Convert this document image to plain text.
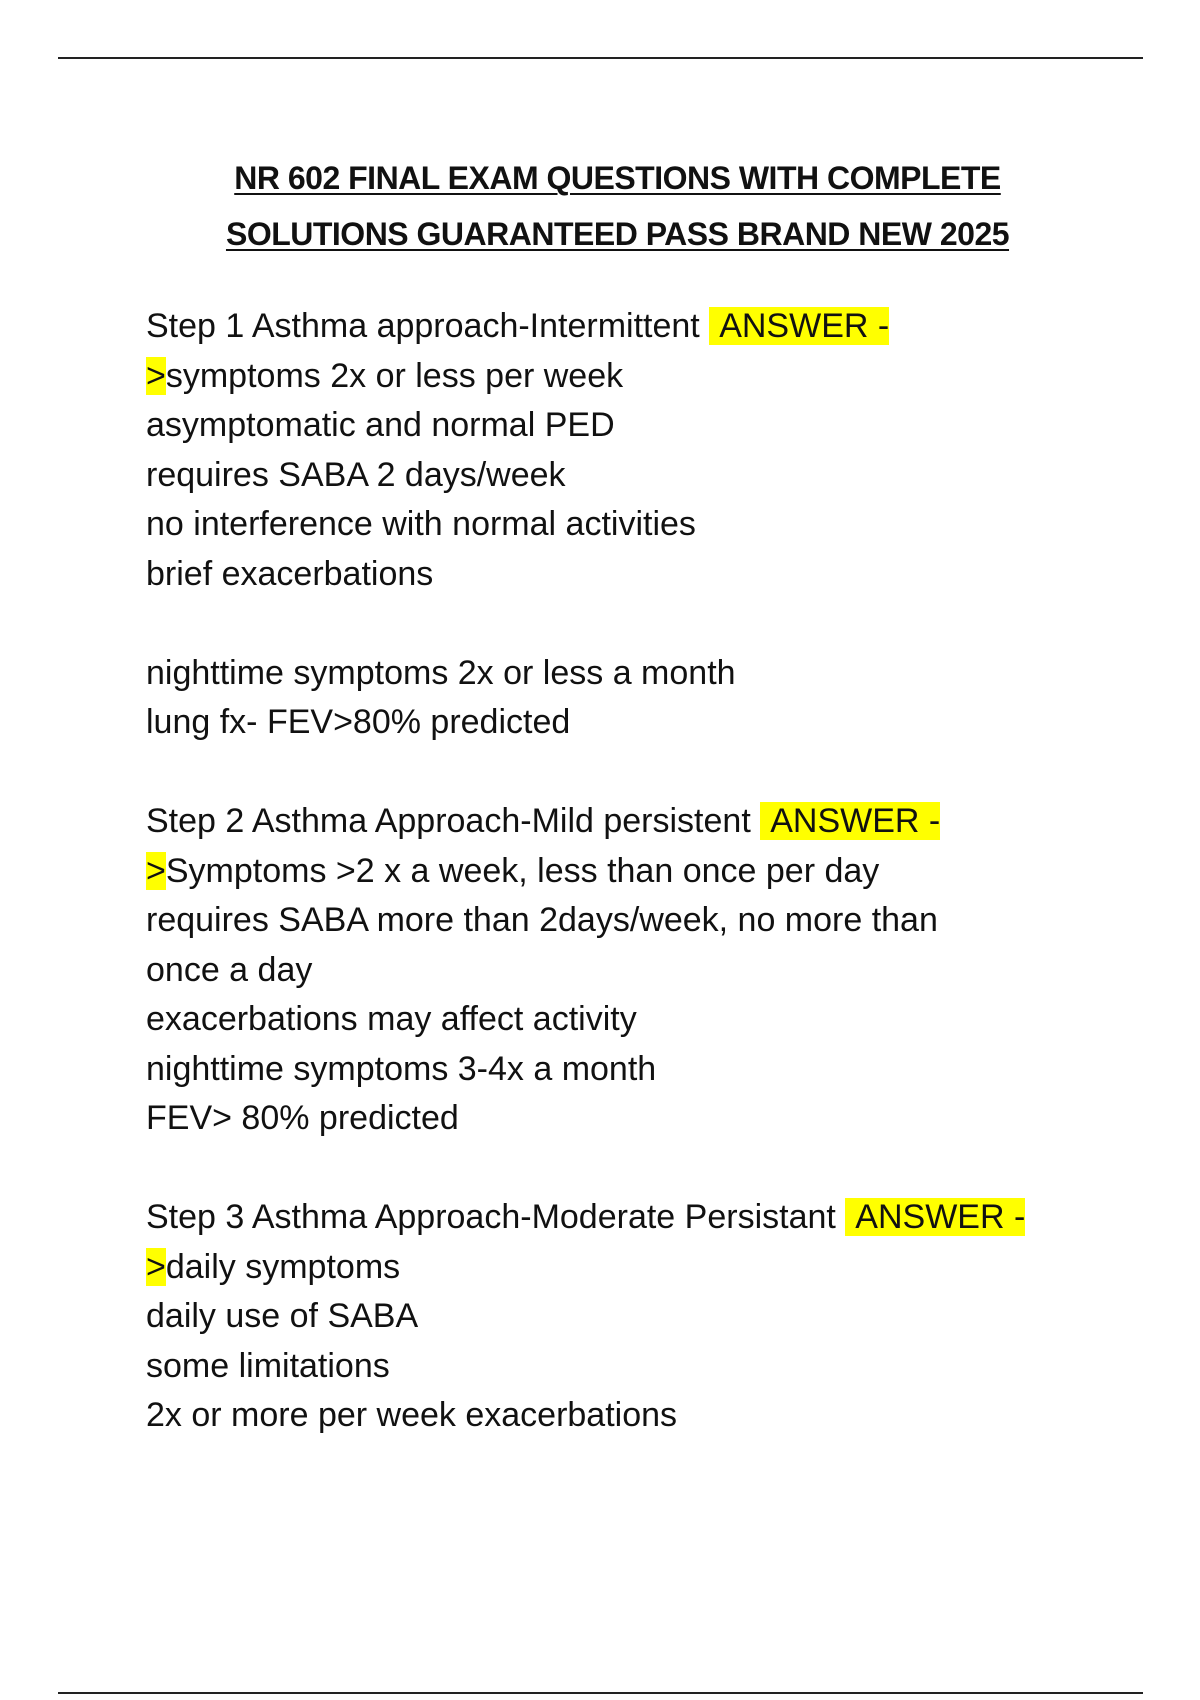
NR 602 FINAL EXAM QUESTIONS WITH COMPLETE
SOLUTIONS GUARANTEED PASS BRAND NEW 2025
Step 1 Asthma approach-Intermittent ANSWER -
>symptoms 2x or less per week
asymptomatic and normal PED
requires SABA 2 days/week
no interference with normal activities
brief exacerbations
nighttime symptoms 2x or less a month
lung fx- FEV>80% predicted
Step 2 Asthma Approach-Mild persistent ANSWER -
>Symptoms >2 x a week, less than once per day
requires SABA more than 2days/week, no more than
once a day
exacerbations may affect activity
nighttime symptoms 3-4x a month
FEV> 80% predicted
Step 3 Asthma Approach-Moderate Persistant ANSWER -
>daily symptoms
daily use of SABA
some limitations
2x or more per week exacerbations
